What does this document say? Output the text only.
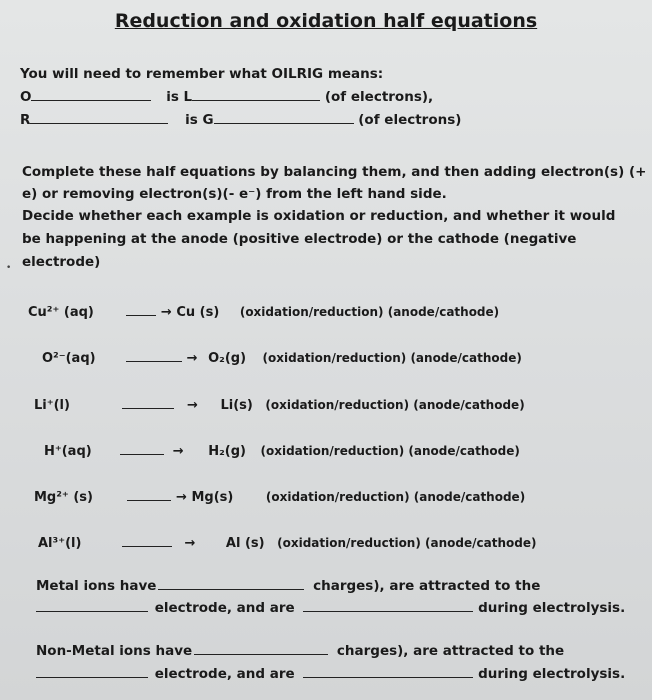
Reduction and oxidation half equations
You will need to remember what OILRIG means:
O	is L	(of electrons),
R	is G	(of electrons)
Complete these half equations by balancing them, and then adding electron(s) (+
e) or removing electron(s)(- e⁻) from the left hand side.
Decide whether each example is oxidation or reduction, and whether it would
be happening at the anode (positive electrode) or the cathode (negative
electrode)
•
Cu²⁺ (aq)	→ Cu (s) (oxidation/reduction) (anode/cathode)
O²⁻(aq)	→ O₂(g) (oxidation/reduction) (anode/cathode)
Li⁺(l)	→ Li(s) (oxidation/reduction) (anode/cathode)
H⁺(aq)	→ H₂(g) (oxidation/reduction) (anode/cathode)
Mg²⁺ (s)	→ Mg(s)	(oxidation/reduction) (anode/cathode)
Al³⁺(l)	→ Al (s) (oxidation/reduction) (anode/cathode)
Metal ions have	charges), are attracted to the
electrode, and are	during electrolysis.
Non-Metal ions have	charges), are attracted to the
electrode, and are	during electrolysis.
